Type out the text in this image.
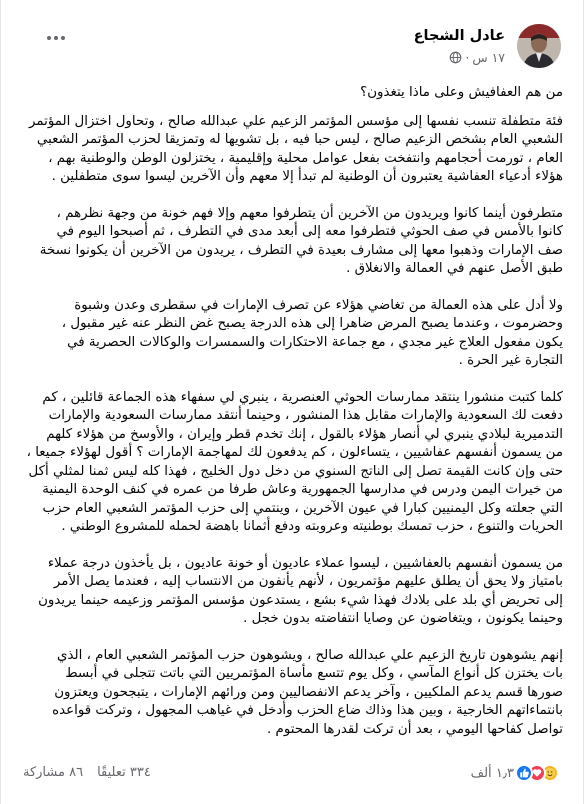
عادل الشجاع
١٧ س
·

من هم العفافيش وعلى ماذا يتغذون؟

فئة متطفلة تنسب نفسها إلى مؤسس المؤتمر الزعيم علي عبدالله صالح ، وتحاول اختزال المؤتمر
الشعبي العام بشخص الزعيم صالح ، ليس حبا فيه ، بل تشويها له وتمزيقا لحزب المؤتمر الشعبي
العام ، تورمت أحجامهم وانتفخت بفعل عوامل محلية وإقليمية ، يختزلون الوطن والوطنية بهم ،
هؤلاء أدعياء العفاشية يعتبرون أن الوطنية لم تبدأ إلا معهم وأن الآخرين ليسوا سوى متطفلين .

متطرفون أينما كانوا ويريدون من الآخرين أن يتطرفوا معهم وإلا فهم خونة من وجهة نظرهم ،
كانوا بالأمس في صف الحوثي فتطرفوا معه إلى أبعد مدى في التطرف ، ثم أصبحوا اليوم في
صف الإمارات وذهبوا معها إلى مشارف بعيدة في التطرف ، يريدون من الآخرين أن يكونوا نسخة
طبق الأصل عنهم في العمالة والانغلاق .

ولا أدل على هذه العمالة من تغاضي هؤلاء عن تصرف الإمارات في سقطرى وعدن وشبوة
وحضرموت ، وعندما يصبح المرض ضاهرا إلى هذه الدرجة يصبح غض النظر عنه غير مقبول ،
يكون مفعول العلاج غير مجدي ، مع جماعة الاحتكارات والسمسرات والوكالات الحصرية في
التجارة غير الحرة .

كلما كتبت منشورا ينتقد ممارسات الحوثي العنصرية ، ينبري لي سفهاء هذه الجماعة قائلين ، كم
دفعت لك السعودية والإمارات مقابل هذا المنشور ، وحينما أنتقد ممارسات السعودية والإمارات
التدميرية لبلادي ينبري لي أنصار هؤلاء بالقول ، إنك تخدم قطر وإيران ، والأوسخ من هؤلاء كلهم
من يسمون أنفسهم عفاشيين ، يتساءلون ، كم يدفعون لك لمهاجمة الإمارات ؟ أقول لهؤلاء جميعا ،
حتى وإن كانت القيمة تصل إلى الناتج السنوي من دخل دول الخليج ، فهذا كله ليس ثمنا لمثلي أكل
من خيرات اليمن ودرس في مدارسها الجمهورية وعاش طرفا من عمره في كنف الوحدة اليمنية
التي جعلته وكل اليمنيين كبارا في عيون الآخرين ، وينتمي إلى حزب المؤتمر الشعبي العام حزب
الحريات والتنوع ، حزب تمسك بوطنيته وعروبته ودفع أثمانا باهضة لحمله للمشروع الوطني .

من يسمون أنفسهم بالعفاشيين ، ليسوا عملاء عاديون أو خونة عاديون ، بل يأخذون درجة عملاء
بامتياز ولا يحق أن يطلق عليهم مؤتمريون ، لأنهم يأنفون من الانتساب إليه ، فعندما يصل الأمر
إلى تحريض أي بلد على بلادك فهذا شيء بشع ، يستدعون مؤسس المؤتمر وزعيمه حينما يريدون
وحينما يكونون ، ويتغاضون عن وصايا انتفاضته بدون خجل .

إنهم يشوهون تاريخ الزعيم علي عبدالله صالح ، ويشوهون حزب المؤتمر الشعبي العام ، الذي
بات يختزن كل أنواع المآسي ، وكل يوم تتسع مأساة المؤتمريين التي باتت تتجلى في أبسط
صورها قسم يدعم الملكيين ، وآخر يدعم الانفصاليين ومن ورائهم الإمارات ، يتبجحون ويعتزون
بانتماءاتهم الخارجية ، وبين هذا وذاك ضاع الحزب وأدخل في غياهب المجهول ، وتركت قواعده
تواصل كفاحها اليومي ، بعد أن تركت لقدرها المحتوم .

١٫٣ ألف
٣٣٤ تعليقًا
٨٦ مشاركة
